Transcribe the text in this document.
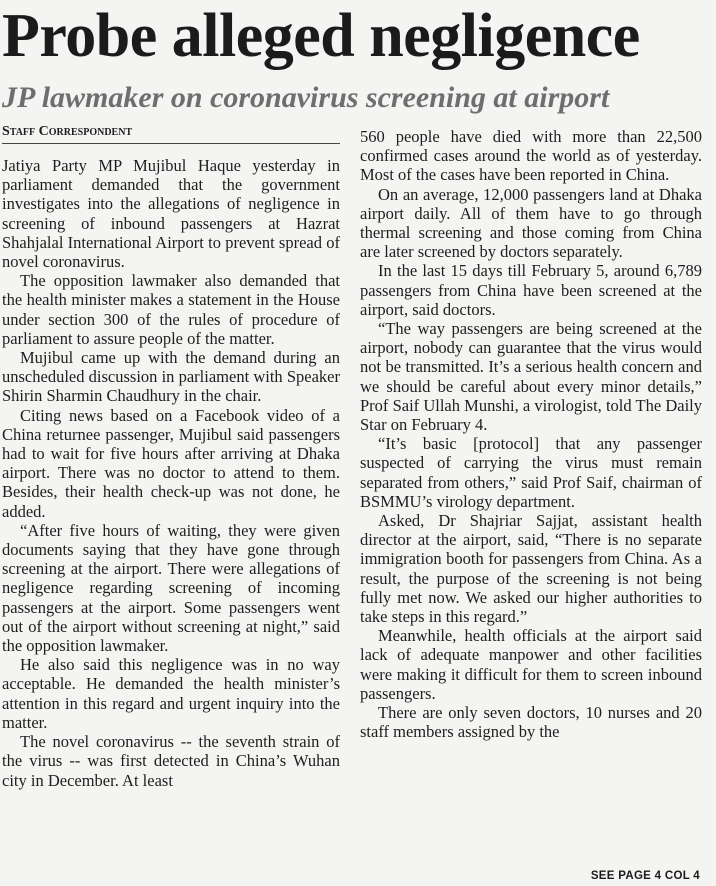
Probe alleged negligence
JP lawmaker on coronavirus screening at airport
Staff Correspondent

Jatiya Party MP Mujibul Haque yesterday in parliament demanded that the government investigates into the allegations of negligence in screening of inbound passengers at Hazrat Shahjalal International Airport to prevent spread of novel coronavirus.

The opposition lawmaker also demanded that the health minister makes a statement in the House under section 300 of the rules of procedure of parliament to assure people of the matter.

Mujibul came up with the demand during an unscheduled discussion in parliament with Speaker Shirin Sharmin Chaudhury in the chair.

Citing news based on a Facebook video of a China returnee passenger, Mujibul said passengers had to wait for five hours after arriving at Dhaka airport. There was no doctor to attend to them. Besides, their health check-up was not done, he added.

“After five hours of waiting, they were given documents saying that they have gone through screening at the airport. There were allegations of negligence regarding screening of incoming passengers at the airport. Some passengers went out of the airport without screening at night,” said the opposition lawmaker.

He also said this negligence was in no way acceptable. He demanded the health minister’s attention in this regard and urgent inquiry into the matter.

The novel coronavirus -- the seventh strain of the virus -- was first detected in China’s Wuhan city in December. At least

560 people have died with more than 22,500 confirmed cases around the world as of yesterday. Most of the cases have been reported in China.

On an average, 12,000 passengers land at Dhaka airport daily. All of them have to go through thermal screening and those coming from China are later screened by doctors separately.

In the last 15 days till February 5, around 6,789 passengers from China have been screened at the airport, said doctors.

“The way passengers are being screened at the airport, nobody can guarantee that the virus would not be transmitted. It’s a serious health concern and we should be careful about every minor details,” Prof Saif Ullah Munshi, a virologist, told The Daily Star on February 4.

“It’s basic [protocol] that any passenger suspected of carrying the virus must remain separated from others,” said Prof Saif, chairman of BSMMU’s virology department.

Asked, Dr Shajriar Sajjat, assistant health director at the airport, said, “There is no separate immigration booth for passengers from China. As a result, the purpose of the screening is not being fully met now. We asked our higher authorities to take steps in this regard.”

Meanwhile, health officials at the airport said lack of adequate manpower and other facilities were making it difficult for them to screen inbound passengers.

There are only seven doctors, 10 nurses and 20 staff members assigned by the

SEE PAGE 4 COL 4
